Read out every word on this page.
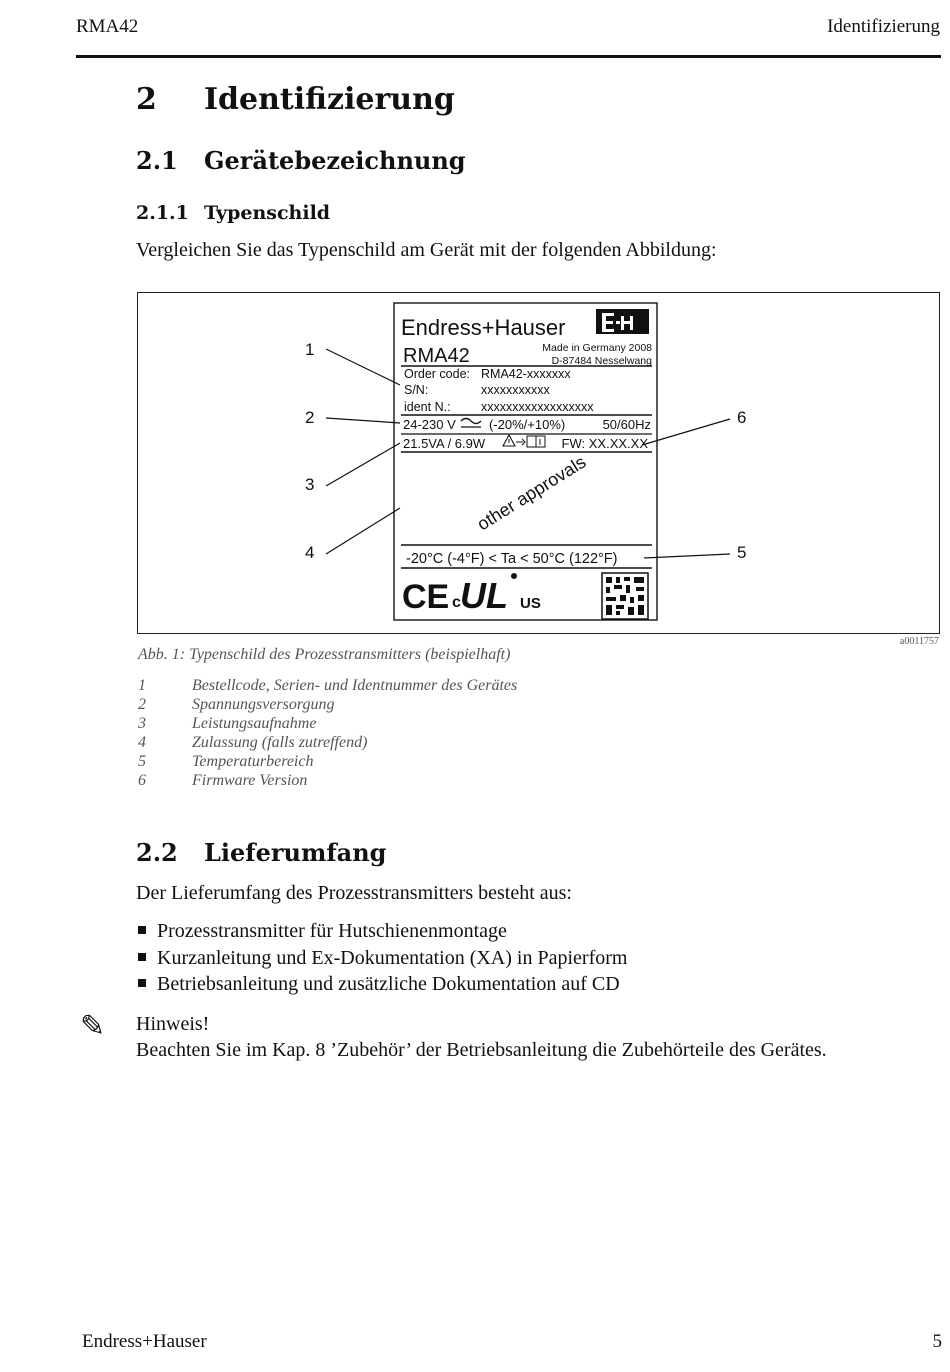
RMA42	Identifizierung
2 Identifizierung
2.1 Gerätebezeichnung
2.1.1 Typenschild
Vergleichen Sie das Typenschild am Gerät mit der folgenden Abbildung:
Endress+Hauser
RMA42	Made in Germany 2008
D-87484 Nesselwang
Order code: RMA42-xxxxxxx
S/N:	xxxxxxxxxxx
ident N.: xxxxxxxxxxxxxxxxxx
24-230 V	(-20%/+10%)	50/60Hz
21.5VA / 6.9W	FW: XX.XX.XX
other approvals
-20°C (-4°F) < Ta < 50°C (122°F)
CE c UL US
1
2
3
4	5
6
a0011757
Abb. 1: Typenschild des Prozesstransmitters (beispielhaft)
1	Bestellcode, Serien- und Identnummer des Gerätes
2	Spannungsversorgung
3	Leistungsaufnahme
4	Zulassung (falls zutreffend)
5	Temperaturbereich
6	Firmware Version
2.2 Lieferumfang
Der Lieferumfang des Prozesstransmitters besteht aus:
Prozesstransmitter für Hutschienenmontage
Kurzanleitung und Ex-Dokumentation (XA) in Papierform
Betriebsanleitung und zusätzliche Dokumentation auf CD
✎ Hinweis!
Beachten Sie im Kap. 8 ’Zubehör’ der Betriebsanleitung die Zubehörteile des Gerätes.
Endress+Hauser	5
